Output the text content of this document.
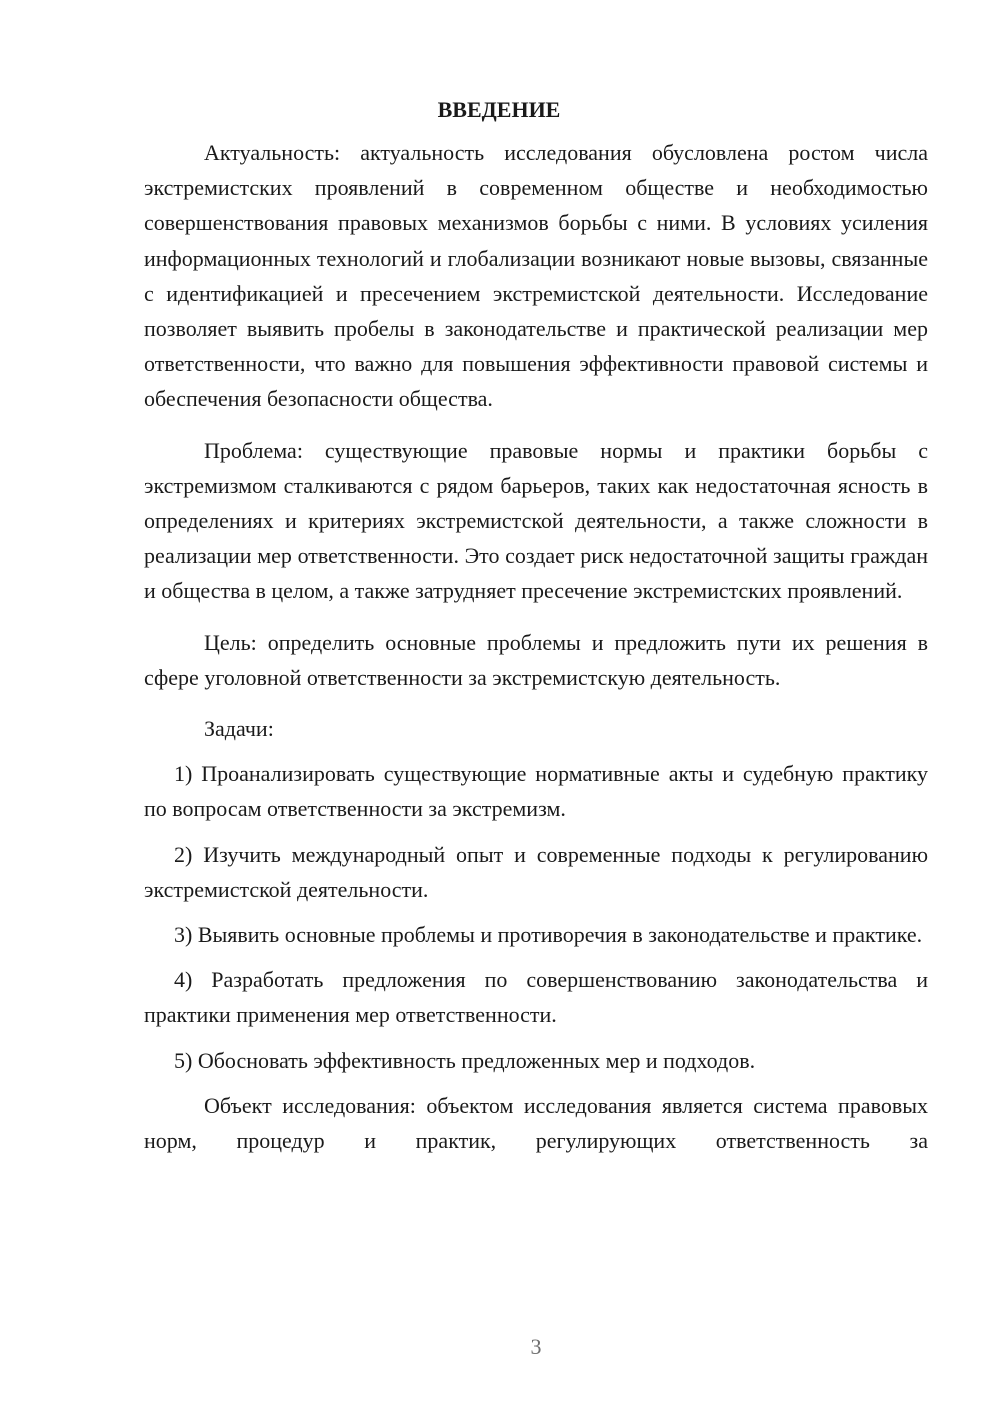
ВВЕДЕНИЕ

Актуальность: актуальность исследования обусловлена ростом числа экстремистских проявлений в современном обществе и необходимостью совершенствования правовых механизмов борьбы с ними. В условиях усиления информационных технологий и глобализации возникают новые вызовы, связанные с идентификацией и пресечением экстремистской деятельности. Исследование позволяет выявить пробелы в законодательстве и практической реализации мер ответственности, что важно для повышения эффективности правовой системы и обеспечения безопасности общества.

Проблема: существующие правовые нормы и практики борьбы с экстремизмом сталкиваются с рядом барьеров, таких как недостаточная ясность в определениях и критериях экстремистской деятельности, а также сложности в реализации мер ответственности. Это создает риск недостаточной защиты граждан и общества в целом, а также затрудняет пресечение экстремистских проявлений.

Цель: определить основные проблемы и предложить пути их решения в сфере уголовной ответственности за экстремистскую деятельность.

Задачи:

1) Проанализировать существующие нормативные акты и судебную практику по вопросам ответственности за экстремизм.

2) Изучить международный опыт и современные подходы к регулированию экстремистской деятельности.

3) Выявить основные проблемы и противоречия в законодательстве и практике.

4) Разработать предложения по совершенствованию законодательства и практики применения мер ответственности.

5) Обосновать эффективность предложенных мер и подходов.

Объект исследования: объектом исследования является система правовых норм, процедур и практик, регулирующих ответственность за

3
